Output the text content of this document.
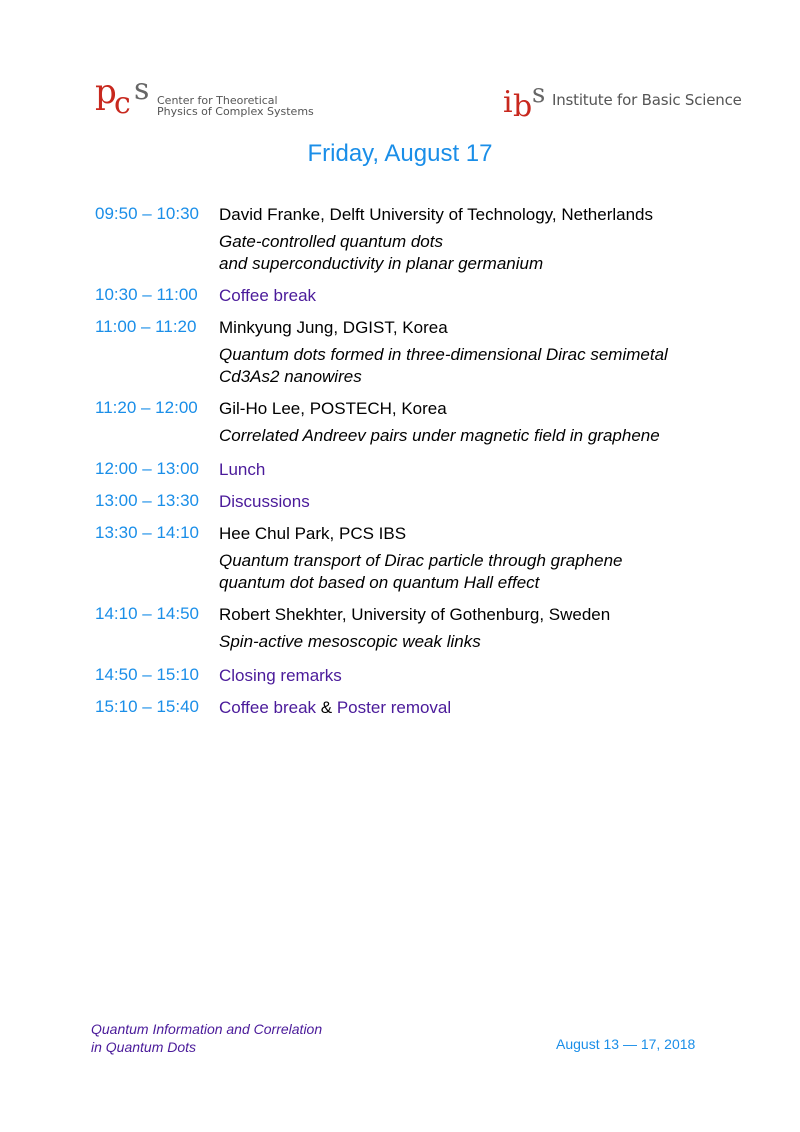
p
c s Center for Theoretical
Physics of Complex Systems	i b s Institute for Basic Science
Friday, August 17
09:50 – 10:30 David Franke, Delft University of Technology, Netherlands
Gate-controlled quantum dots
and superconductivity in planar germanium
10:30 – 11:00 Coffee break
11:00 – 11:20 Minkyung Jung, DGIST, Korea
Quantum dots formed in three-dimensional Dirac semimetal
Cd3As2 nanowires
11:20 – 12:00 Gil-Ho Lee, POSTECH, Korea
Correlated Andreev pairs under magnetic field in graphene
12:00 – 13:00 Lunch
13:00 – 13:30 Discussions
13:30 – 14:10 Hee Chul Park, PCS IBS
Quantum transport of Dirac particle through graphene
quantum dot based on quantum Hall effect
14:10 – 14:50 Robert Shekhter, University of Gothenburg, Sweden
Spin-active mesoscopic weak links
14:50 – 15:10 Closing remarks
15:10 – 15:40 Coffee break & Poster removal
Quantum Information and Correlation
in Quantum Dots	August 13 — 17, 2018
